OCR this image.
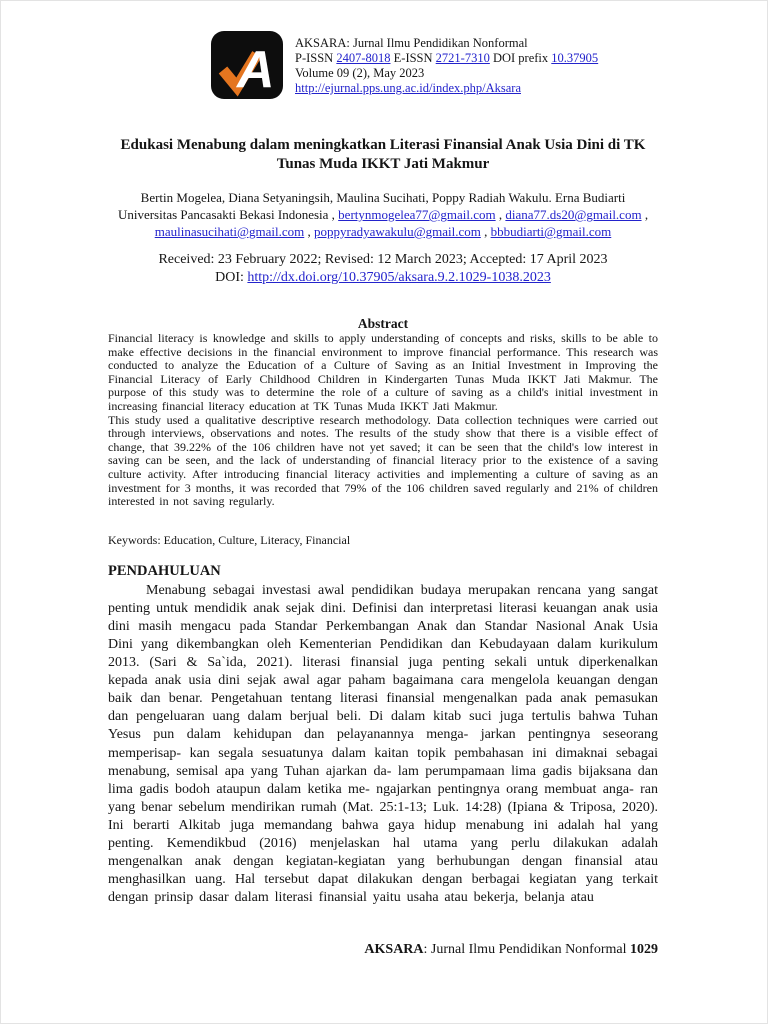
A AKSARA: Jurnal Ilmu Pendidikan Nonformal
P-ISSN 2407-8018 E-ISSN 2721-7310 DOI prefix 10.37905
Volume 09 (2), May 2023
http://ejurnal.pps.ung.ac.id/index.php/Aksara
Edukasi Menabung dalam meningkatkan Literasi Finansial Anak Usia Dini di TK Tunas Muda IKKT Jati Makmur

Bertin Mogelea, Diana Setyaningsih, Maulina Sucihati, Poppy Radiah Wakulu. Erna Budiarti

Universitas Pancasakti Bekasi Indonesia , bertynmogelea77@gmail.com , diana77.ds20@gmail.com , maulinasucihati@gmail.com , poppyradyawakulu@gmail.com , bbbudiarti@gmail.com

Received: 23 February 2022; Revised: 12 March 2023; Accepted: 17 April 2023

DOI: http://dx.doi.org/10.37905/aksara.9.2.1029-1038.2023

Abstract

Financial literacy is knowledge and skills to apply understanding of concepts and risks, skills to be able to make effective decisions in the financial environment to improve financial performance. This research was conducted to analyze the Education of a Culture of Saving as an Initial Investment in Improving the Financial Literacy of Early Childhood Children in Kindergarten Tunas Muda IKKT Jati Makmur. The purpose of this study was to determine the role of a culture of saving as a child's initial investment in increasing financial literacy education at TK Tunas Muda IKKT Jati Makmur.

This study used a qualitative descriptive research methodology. Data collection techniques were carried out through interviews, observations and notes. The results of the study show that there is a visible effect of change, that 39.22% of the 106 children have not yet saved; it can be seen that the child's low interest in saving can be seen, and the lack of understanding of financial literacy prior to the existence of a saving culture activity. After introducing financial literacy activities and implementing a culture of saving as an investment for 3 months, it was recorded that 79% of the 106 children saved regularly and 21% of children interested in not saving regularly.

Keywords: Education, Culture, Literacy, Financial

PENDAHULUAN

Menabung sebagai investasi awal pendidikan budaya merupakan rencana yang sangat penting untuk mendidik anak sejak dini. Definisi dan interpretasi literasi keuangan anak usia dini masih mengacu pada Standar Perkembangan Anak dan Standar Nasional Anak Usia Dini yang dikembangkan oleh Kementerian Pendidikan dan Kebudayaan dalam kurikulum 2013. (Sari & Sa`ida, 2021). literasi finansial juga penting sekali untuk diperkenalkan kepada anak usia dini sejak awal agar paham bagaimana cara mengelola keuangan dengan baik dan benar. Pengetahuan tentang literasi finansial mengenalkan pada anak pemasukan dan pengeluaran uang dalam berjual beli. Di dalam kitab suci juga tertulis bahwa Tuhan Yesus pun dalam kehidupan dan pelayanannya menga- jarkan pentingnya seseorang memperisap- kan segala sesuatunya dalam kaitan topik pembahasan ini dimaknai sebagai menabung, semisal apa yang Tuhan ajarkan da- lam perumpamaan lima gadis bijaksana dan lima gadis bodoh ataupun dalam ketika me- ngajarkan pentingnya orang membuat anga- ran yang benar sebelum mendirikan rumah (Mat. 25:1-13; Luk. 14:28) (Ipiana & Triposa, 2020). Ini berarti Alkitab juga memandang bahwa gaya hidup menabung ini adalah hal yang penting. Kemendikbud (2016) menjelaskan hal utama yang perlu dilakukan adalah mengenalkan anak dengan kegiatan-kegiatan yang berhubungan dengan finansial atau menghasilkan uang. Hal tersebut dapat dilakukan dengan berbagai kegiatan yang terkait dengan prinsip dasar dalam literasi finansial yaitu usaha atau bekerja, belanja atau

AKSARA: Jurnal Ilmu Pendidikan Nonformal 1029
